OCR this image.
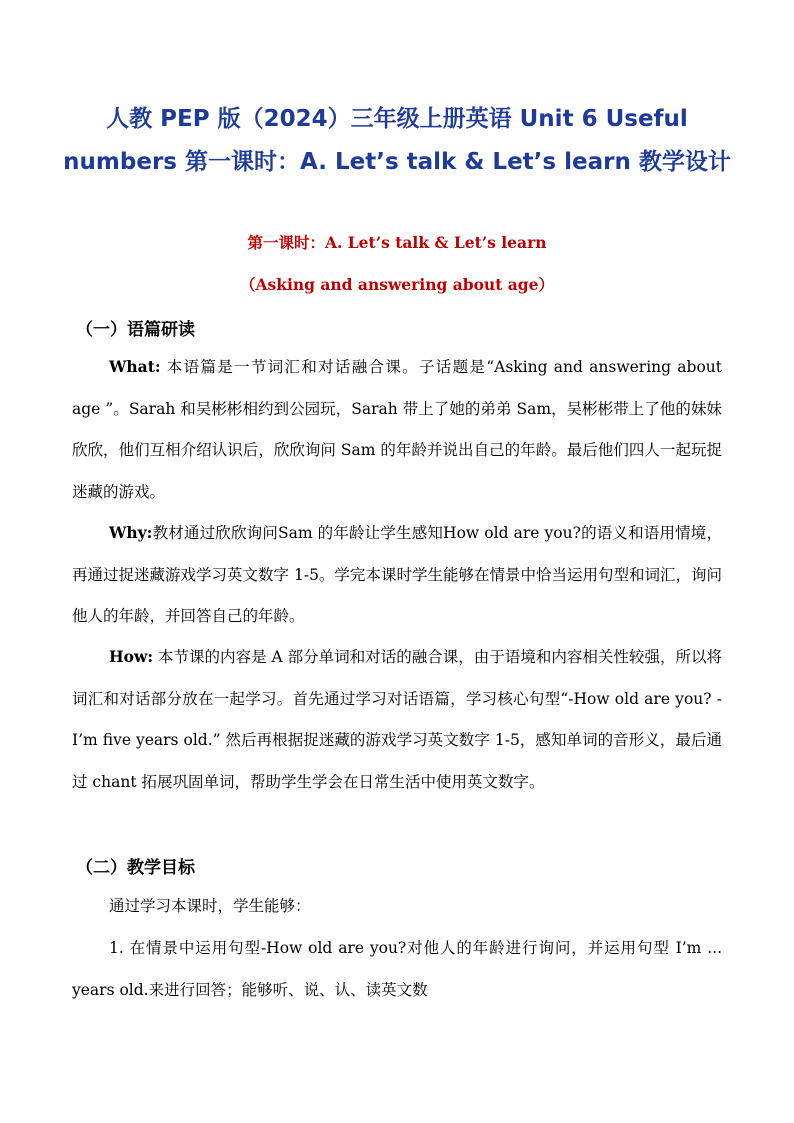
人教 PEP 版（2024）三年级上册英语 Unit 6 Useful numbers 第一课时：A. Let’s talk & Let’s learn 教学设计
第一课时：A. Let’s talk & Let’s learn
（Asking and answering about age）
（一）语篇研读
What: 本语篇是一节词汇和对话融合课。子话题是“Asking and answering about age ”。Sarah 和吴彬彬相约到公园玩，Sarah 带上了她的弟弟 Sam，吴彬彬带上了他的妹妹欣欣，他们互相介绍认识后，欣欣询问 Sam 的年龄并说出自己的年龄。最后他们四人一起玩捉迷藏的游戏。
Why:教材通过欣欣询问Sam 的年龄让学生感知How old are you?的语义和语用情境，再通过捉迷藏游戏学习英文数字 1-5。学完本课时学生能够在情景中恰当运用句型和词汇，询问他人的年龄，并回答自己的年龄。
How: 本节课的内容是 A 部分单词和对话的融合课，由于语境和内容相关性较强，所以将词汇和对话部分放在一起学习。首先通过学习对话语篇，学习核心句型“-How old are you? -I’m five years old.” 然后再根据捉迷藏的游戏学习英文数字 1-5，感知单词的音形义，最后通过 chant 拓展巩固单词，帮助学生学会在日常生活中使用英文数字。
（二）教学目标
通过学习本课时，学生能够：
1. 在情景中运用句型-How old are you?对他人的年龄进行询问，并运用句型 I’m ... years old.来进行回答；能够听、说、认、读英文数
